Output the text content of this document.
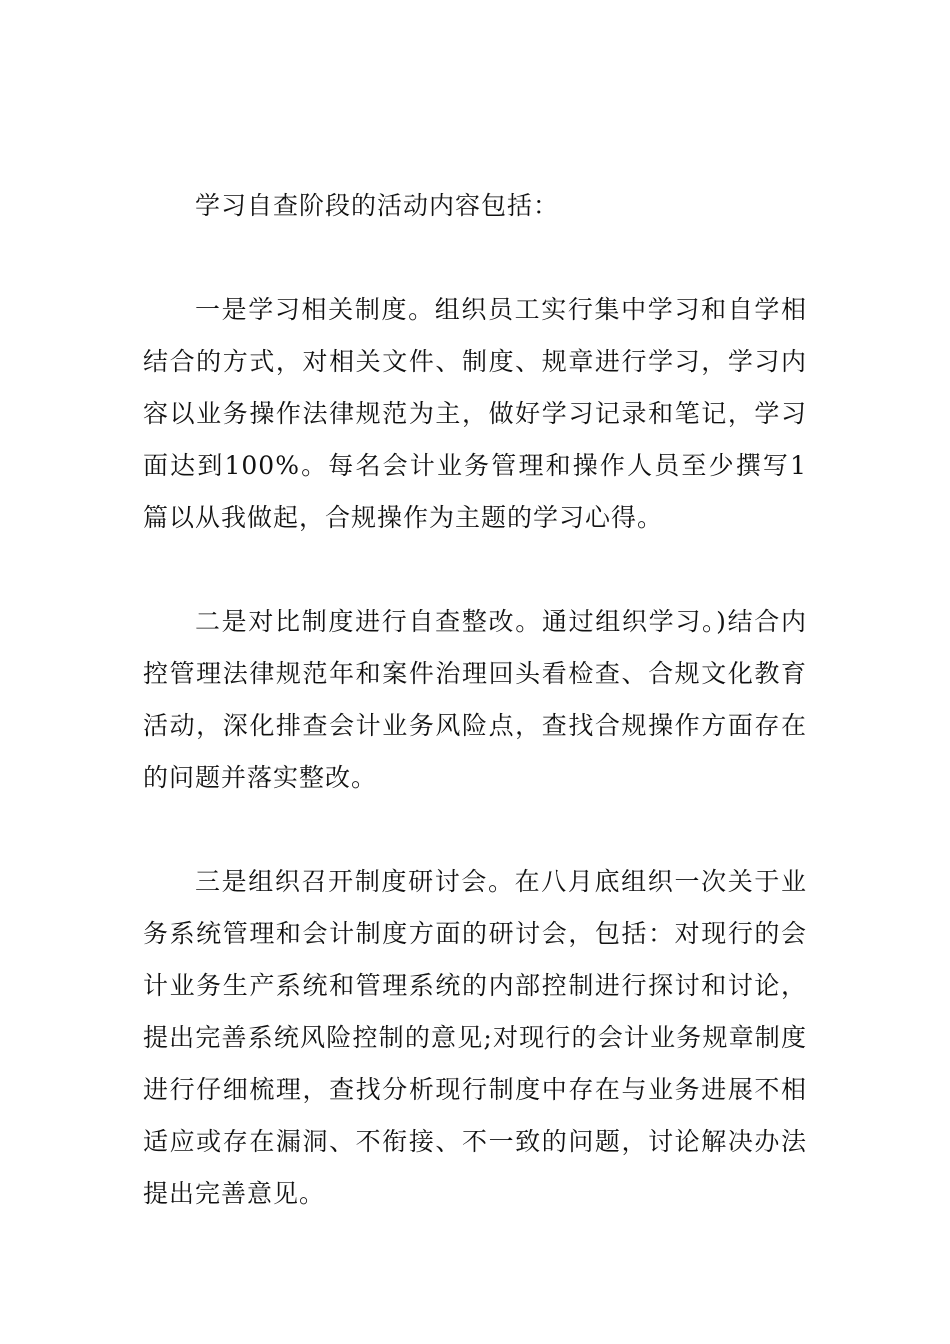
学习自查阶段的活动内容包括：

一是学习相关制度。组织员工实行集中学习和自学相结合的方式，对相关文件、制度、规章进行学习，学习内容以业务操作法律规范为主，做好学习记录和笔记，学习面达到100%。每名会计业务管理和操作人员至少撰写1篇以从我做起，合规操作为主题的学习心得。

二是对比制度进行自查整改。通过组织学习。)结合内控管理法律规范年和案件治理回头看检查、合规文化教育活动，深化排查会计业务风险点，查找合规操作方面存在的问题并落实整改。

三是组织召开制度研讨会。在八月底组织一次关于业务系统管理和会计制度方面的研讨会，包括：对现行的会计业务生产系统和管理系统的内部控制进行探讨和讨论，提出完善系统风险控制的意见;对现行的会计业务规章制度进行仔细梳理，查找分析现行制度中存在与业务进展不相适应或存在漏洞、不衔接、不一致的问题，讨论解决办法提出完善意见。
